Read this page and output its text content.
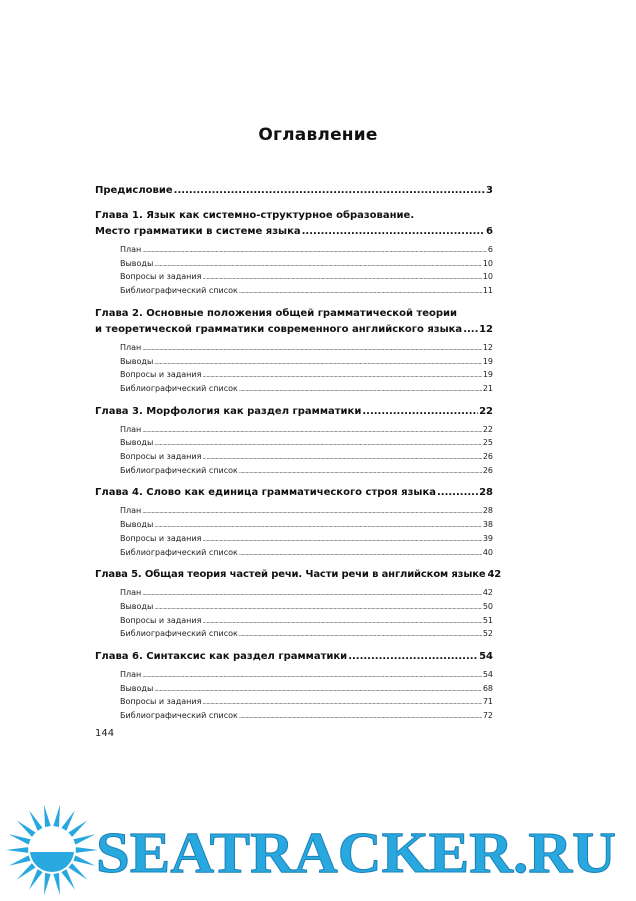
Оглавление
Предисловие .....	3
Глава 1. Язык как системно-структурное образование.
Место грамматики в системе языка .....	6
План .....	6
Выводы .....	10
Вопросы и задания .....	10
Библиографический список .....	11
Глава 2. Основные положения общей грамматической теории
и теоретической грамматики современного английского языка ..... 12
План .....	12
Выводы .....	19
Вопросы и задания .....	19
Библиографический список .....	21
Глава 3. Морфология как раздел грамматики .....	22
План .....	22
Выводы .....	25
Вопросы и задания .....	26
Библиографический список .....	26
Глава 4. Слово как единица грамматического строя языка .....	28
План .....	28
Выводы .....	38
Вопросы и задания .....	39
Библиографический список .....	40
Глава 5. Общая теория частей речи. Части речи в английском языке 42
План .....	42
Выводы .....	50
Вопросы и задания .....	51
Библиографический список .....	52
Глава 6. Синтаксис как раздел грамматики .....	54
План .....	54
Выводы .....	68
Вопросы и задания .....	71
Библиографический список .....	72
144
SEATRACKER.RU
